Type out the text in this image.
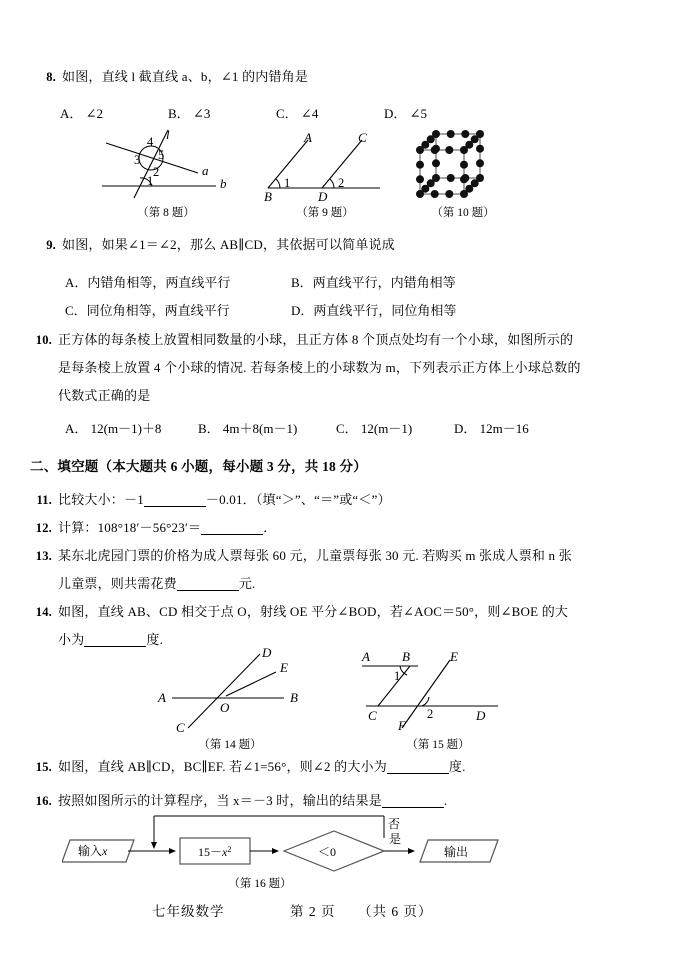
8. 如图，直线 l 截直线 a、b，∠1 的内错角是
A． ∠2	B． ∠3	C． ∠4	D． ∠5
4
5
3
2
1
l
a
b
（第 8 题）
A	C
B	D
1	2
（第 9 题）	（第 10 题）
9. 如图，如果∠1＝∠2，那么 AB∥CD，其依据可以简单说成
A．内错角相等，两直线平行	B．两直线平行，内错角相等
C．同位角相等，两直线平行	D．两直线平行，同位角相等
10. 正方体的每条棱上放置相同数量的小球，且正方体 8 个顶点处均有一个小球，如图所示的
是每条棱上放置 4 个小球的情况. 若每条棱上的小球数为 m，下列表示正方体上小球总数的
代数式正确的是
A． 12(m－1)＋8	B． 4m＋8(m－1)	C． 12(m－1)	D． 12m－16
二、填空题（本大题共 6 小题，每小题 3 分，共 18 分）
11. 比较大小：－1
	－0.01．（填“＞”、“＝”或“＜”）
12. 计算：108°18′－56°23′＝
	．
13. 某东北虎园门票的价格为成人票每张 60 元，儿童票每张 30 元. 若购买 m 张成人票和 n 张
儿童票，则共需花费	元.
14. 如图，直线 AB、CD 相交于点 O，射线 OE 平分∠BOD，若∠AOC＝50°，则∠BOE 的大
小为	度.
A	B
C
D
E
O
（第 14 题）
A B	E
C	D
F
1
2
（第 15 题）
15. 如图，直线 AB∥CD，BC∥EF. 若∠1=56°，则∠2 的大小为
	度.
16. 按照如图所示的计算程序，当 x＝－3 时，输出的结果是
	.
输入x	$15-x^2$	＜0
是
输出
否
（第 16 题）
七年级数学	第 2 页 （共 6 页）
